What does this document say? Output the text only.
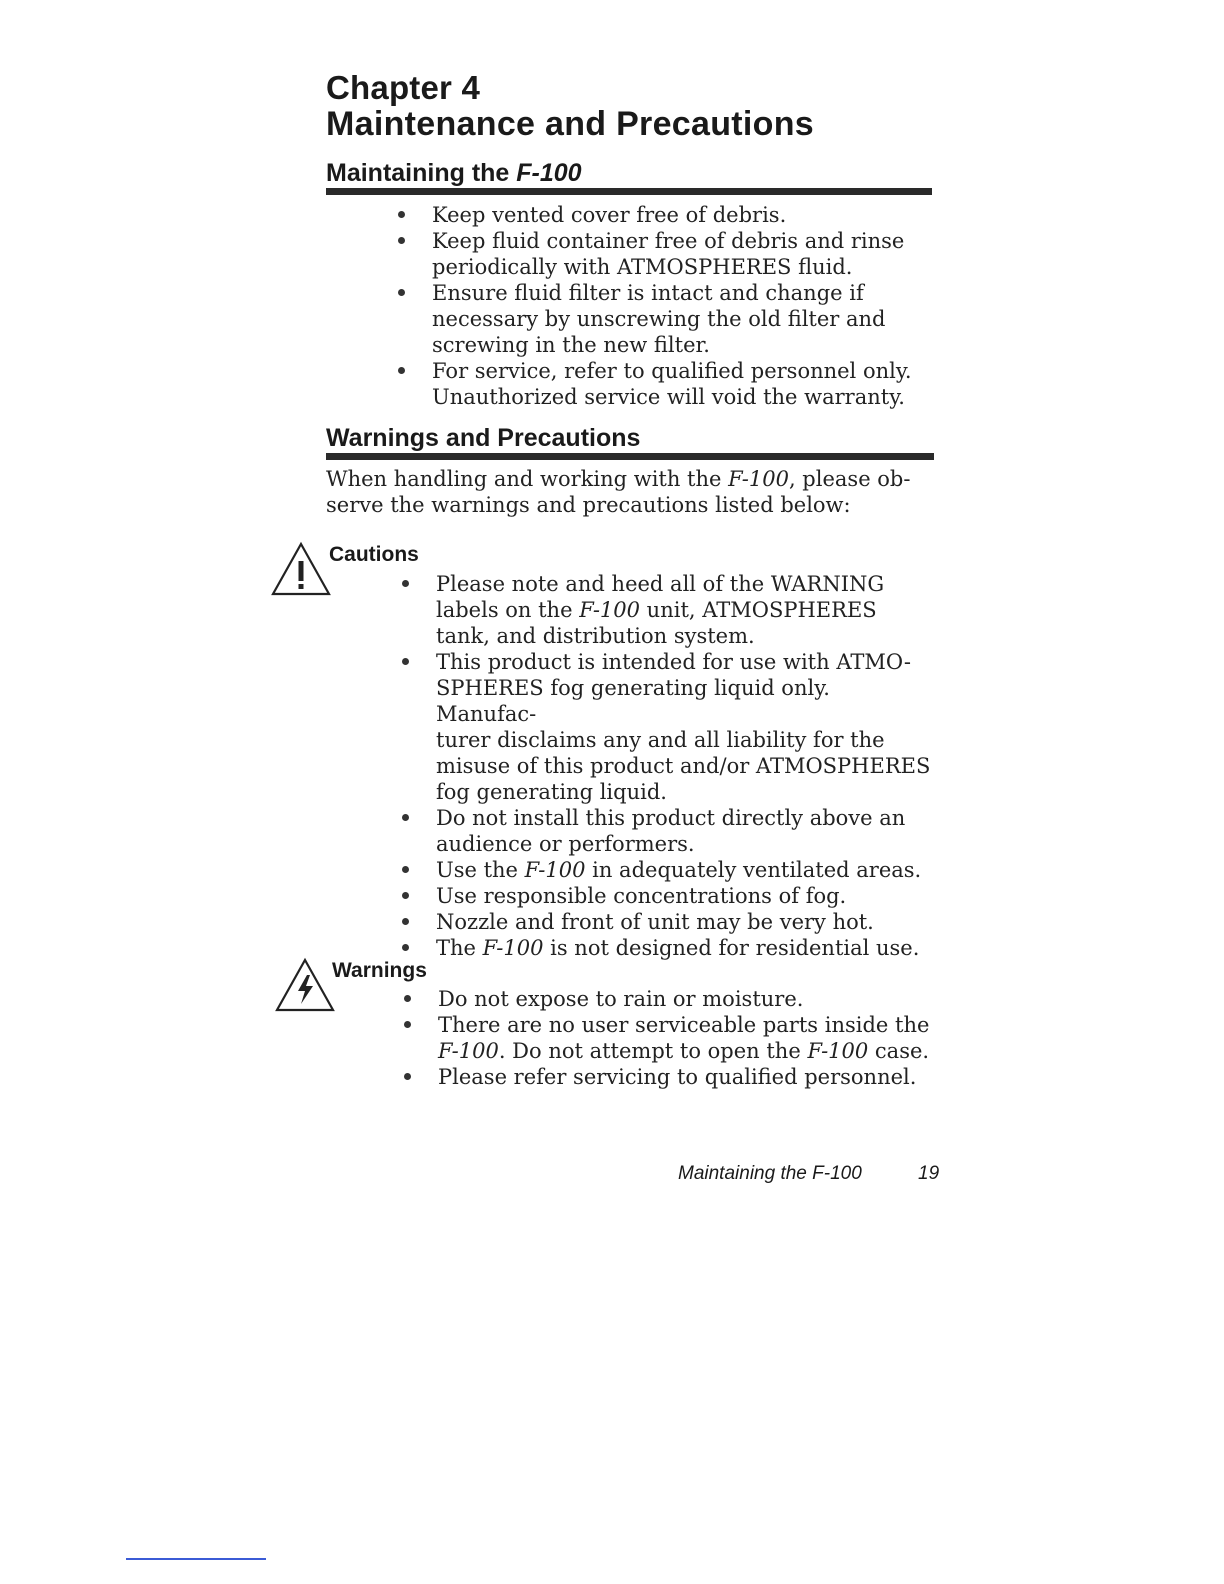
Chapter 4
Maintenance and Precautions
Maintaining the F-100
Keep vented cover free of debris.
Keep fluid container free of debris and rinse
periodically with ATMOSPHERES fluid.
Ensure fluid filter is intact and change if
necessary by unscrewing the old filter and
screwing in the new filter.
For service, refer to qualified personnel only.
Unauthorized service will void the warranty.
Warnings and Precautions
When handling and working with the F-100, please ob-
serve the warnings and precautions listed below:
Cautions
Please note and heed all of the WARNING
labels on the F-100 unit, ATMOSPHERES
tank, and distribution system.
This product is intended for use with ATMO-
SPHERES fog generating liquid only. Manufac-
turer disclaims any and all liability for the
misuse of this product and/or ATMOSPHERES
fog generating liquid.
Do not install this product directly above an
audience or performers.
Use the F-100 in adequately ventilated areas.
Use responsible concentrations of fog.
Nozzle and front of unit may be very hot.
The F-100 is not designed for residential use.
Warnings
Do not expose to rain or moisture.
There are no user serviceable parts inside the
F-100. Do not attempt to open the F-100 case.
Please refer servicing to qualified personnel.
Maintaining the F-100	19
